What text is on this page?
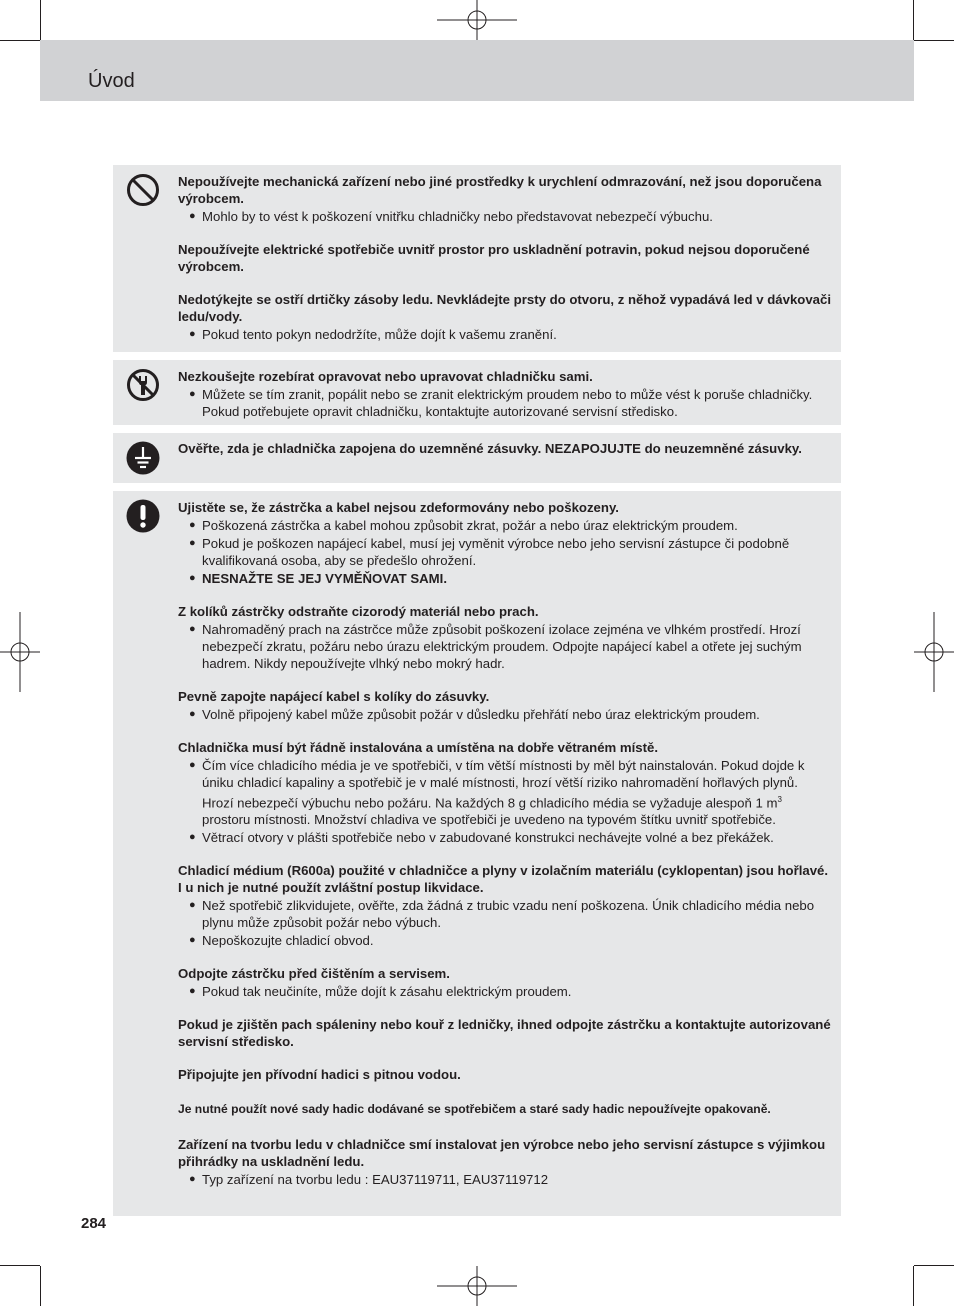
Úvod

Nepoužívejte mechanická zařízení nebo jiné prostředky k urychlení odmrazování, než jsou doporučena výrobcem.

● Mohlo by to vést k poškození vnitřku chladničky nebo představovat nebezpečí výbuchu.

Nepoužívejte elektrické spotřebiče uvnitř prostor pro uskladnění potravin, pokud nejsou doporučené výrobcem.

Nedotýkejte se ostří drtičky zásoby ledu. Nevkládejte prsty do otvoru, z něhož vypadává led v dávkovači ledu/vody.

● Pokud tento pokyn nedodržíte, může dojít k vašemu zranění.

Nezkoušejte rozebírat opravovat nebo upravovat chladničku sami.

● Můžete se tím zranit, popálit nebo se zranit elektrickým proudem nebo to může vést k poruše chladničky. Pokud potřebujete opravit chladničku, kontaktujte autorizované servisní středisko.

Ověřte, zda je chladnička zapojena do uzemněné zásuvky. NEZAPOJUJTE do neuzemněné zásuvky.

Ujistěte se, že zástrčka a kabel nejsou zdeformovány nebo poškozeny.

● Poškozená zástrčka a kabel mohou způsobit zkrat, požár a nebo úraz elektrickým proudem.

● Pokud je poškozen napájecí kabel, musí jej vyměnit výrobce nebo jeho servisní zástupce či podobně kvalifikovaná osoba, aby se předešlo ohrožení.

● NESNAŽTE SE JEJ VYMĚŇOVAT SAMI.

Z kolíků zástrčky odstraňte cizorodý materiál nebo prach.

● Nahromaděný prach na zástrčce může způsobit poškození izolace zejména ve vlhkém prostředí. Hrozí nebezpečí zkratu, požáru nebo úrazu elektrickým proudem. Odpojte napájecí kabel a otřete jej suchým hadrem. Nikdy nepoužívejte vlhký nebo mokrý hadr.

Pevně zapojte napájecí kabel s kolíky do zásuvky.

● Volně připojený kabel může způsobit požár v důsledku přehřátí nebo úraz elektrickým proudem.

Chladnička musí být řádně instalována a umístěna na dobře větraném místě.

● Čím více chladicího média je ve spotřebiči, v tím větší místnosti by měl být nainstalován. Pokud dojde k úniku chladicí kapaliny a spotřebič je v malé místnosti, hrozí větší riziko nahromadění hořlavých plynů. Hrozí nebezpečí výbuchu nebo požáru. Na každých 8 g chladicího média se vyžaduje alespoň 1 $m^3$ prostoru místnosti. Množství chladiva ve spotřebiči je uvedeno na typovém štítku uvnitř spotřebiče.

● Větrací otvory v plášti spotřebiče nebo v zabudované konstrukci nechávejte volné a bez překážek.

Chladicí médium (R600a) použité v chladničce a plyny v izolačním materiálu (cyklopentan) jsou hořlavé. I u nich je nutné použít zvláštní postup likvidace.

● Než spotřebič zlikvidujete, ověřte, zda žádná z trubic vzadu není poškozena. Únik chladicího média nebo plynu může způsobit požár nebo výbuch.

● Nepoškozujte chladicí obvod.

Odpojte zástrčku před čištěním a servisem.

● Pokud tak neučiníte, může dojít k zásahu elektrickým proudem.

Pokud je zjištěn pach spáleniny nebo kouř z ledničky, ihned odpojte zástrčku a kontaktujte autorizované servisní středisko.

Připojujte jen přívodní hadici s pitnou vodou.

Je nutné použít nové sady hadic dodávané se spotřebičem a staré sady hadic nepoužívejte opakovaně.

Zařízení na tvorbu ledu v chladničce smí instalovat jen výrobce nebo jeho servisní zástupce s výjimkou přihrádky na uskladnění ledu.

● Typ zařízení na tvorbu ledu : EAU37119711, EAU37119712

284
